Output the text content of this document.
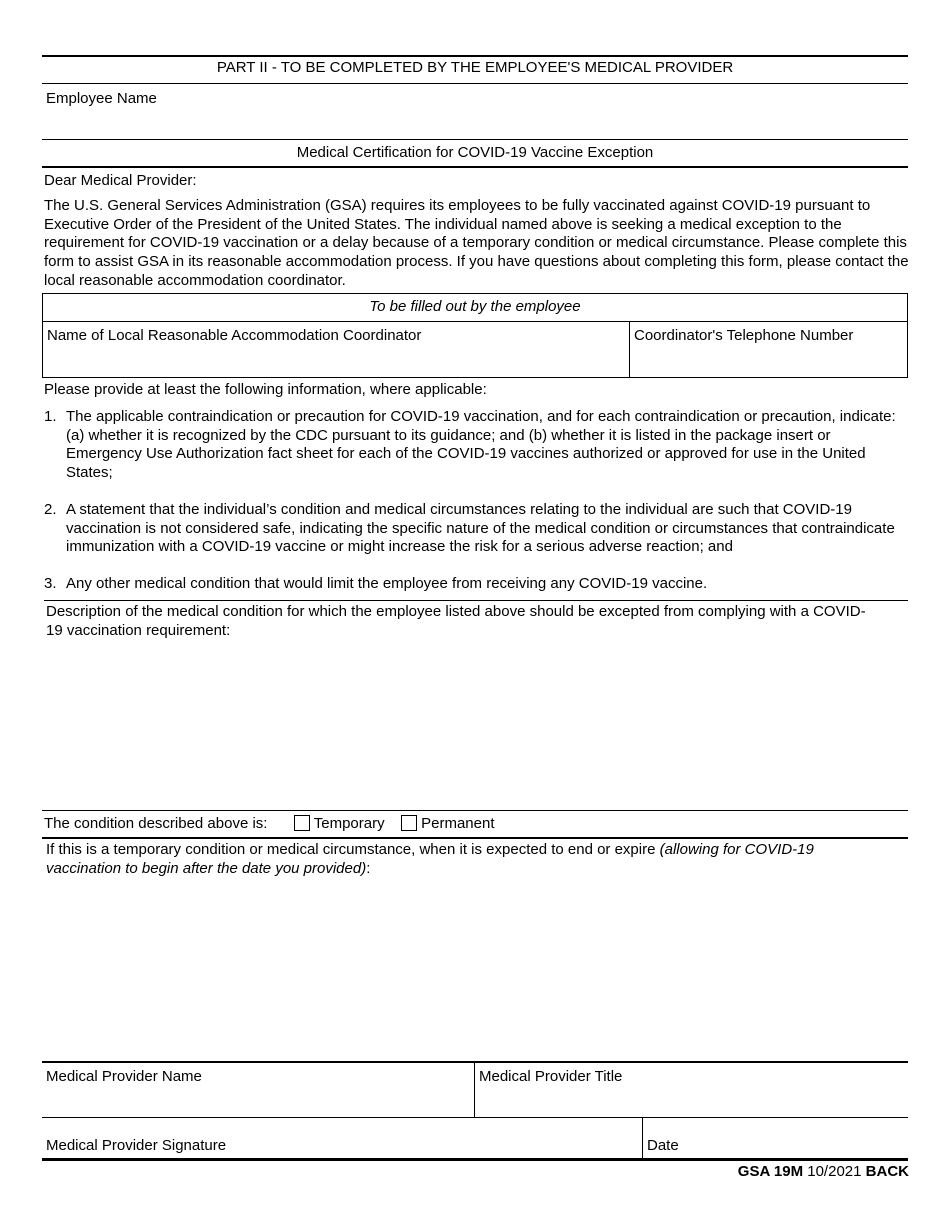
PART II - TO BE COMPLETED BY THE EMPLOYEE'S MEDICAL PROVIDER
Employee Name
Medical Certification for COVID-19 Vaccine Exception
Dear Medical Provider:
The U.S. General Services Administration (GSA) requires its employees to be fully vaccinated against COVID-19 pursuant to Executive Order of the President of the United States. The individual named above is seeking a medical exception to the requirement for COVID-19 vaccination or a delay because of a temporary condition or medical circumstance. Please complete this form to assist GSA in its reasonable accommodation process. If you have questions about completing this form, please contact the local reasonable accommodation coordinator.
To be filled out by the employee
Name of Local Reasonable Accommodation Coordinator	Coordinator's Telephone Number
Please provide at least the following information, where applicable:
1. The applicable contraindication or precaution for COVID-19 vaccination, and for each contraindication or precaution, indicate: (a) whether it is recognized by the CDC pursuant to its guidance; and (b) whether it is listed in the package insert or Emergency Use Authorization fact sheet for each of the COVID-19 vaccines authorized or approved for use in the United States;
2. A statement that the individual’s condition and medical circumstances relating to the individual are such that COVID-19 vaccination is not considered safe, indicating the specific nature of the medical condition or circumstances that contraindicate immunization with a COVID-19 vaccine or might increase the risk for a serious adverse reaction; and
3. Any other medical condition that would limit the employee from receiving any COVID-19 vaccine.
Description of the medical condition for which the employee listed above should be excepted from complying with a COVID-19 vaccination requirement:
The condition described above is:	Temporary Permanent
If this is a temporary condition or medical circumstance, when it is expected to end or expire (allowing for COVID-19 vaccination to begin after the date you provided):
Medical Provider Name	Medical Provider Title
Medical Provider Signature	Date
GSA 19M 10/2021 BACK
